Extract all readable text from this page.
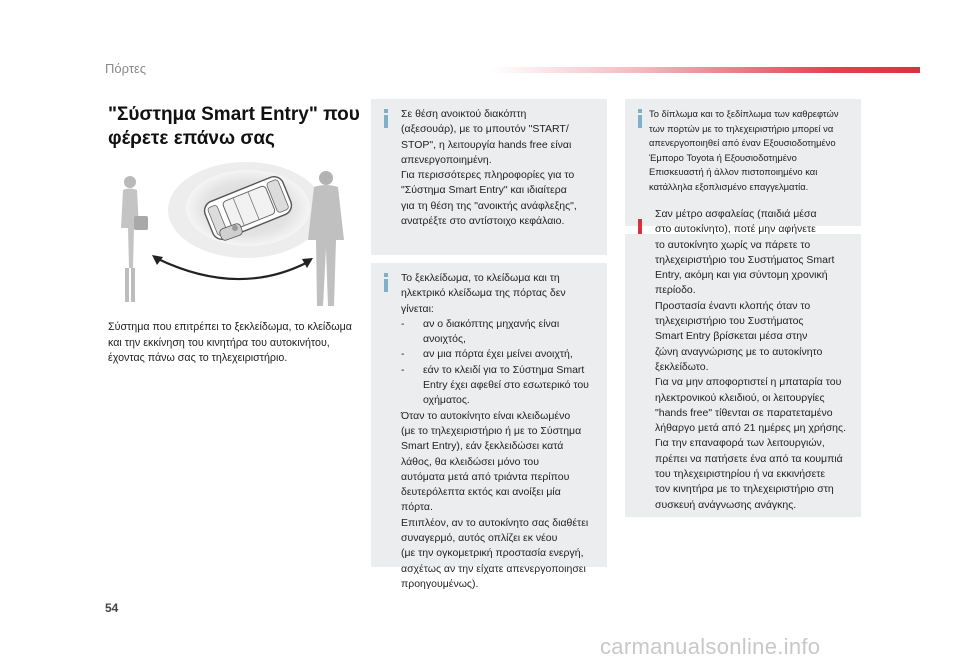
Πόρτες
"Σύστημα Smart Entry" που φέρετε επάνω σας
Σύστημα που επιτρέπει το ξεκλείδωμα, το κλείδωμα και την εκκίνηση του κινητήρα του αυτοκινήτου, έχοντας πάνω σας το τηλεχειριστήριο.
Σε θέση ανοικτού διακόπτη
(αξεσουάρ), με το μπουτόν "START/
STOP", η λειτουργία hands free είναι
απενεργοποιημένη.
Για περισσότερες πληροφορίες για το
"Σύστημα Smart Entry" και ιδιαίτερα
για τη θέση της "ανοικτής ανάφλεξης",
ανατρέξτε στο αντίστοιχο κεφάλαιο.
Το ξεκλείδωμα, το κλείδωμα και τη
ηλεκτρικό κλείδωμα της πόρτας δεν
γίνεται:
-	αν ο διακόπτης μηχανής είναι
ανοιχτός,
-	αν μια πόρτα έχει μείνει ανοιχτή,
-	εάν το κλειδί για το Σύστημα Smart
Entry έχει αφεθεί στο εσωτερικό του
οχήματος.
Όταν το αυτοκίνητο είναι κλειδωμένο
(με το τηλεχειριστήριο ή με το Σύστημα
Smart Entry), εάν ξεκλειδώσει κατά
λάθος, θα κλειδώσει μόνο του
αυτόματα μετά από τριάντα περίπου
δευτερόλεπτα εκτός και ανοίξει μία
πόρτα.
Επιπλέον, αν το αυτοκίνητο σας διαθέτει
συναγερμό, αυτός οπλίζει εκ νέου
(με την ογκομετρική προστασία ενεργή,
ασχέτως αν την είχατε απενεργοποιησει
προηγουμένως).
Το δίπλωμα και το ξεδίπλωμα των καθρεφτών
των πορτών με το τηλεχειριστήριο μπορεί να
απενεργοποιηθεί από έναν Εξουσιοδοτημένο
Έμπορο Toyota ή Εξουσιοδοτημένο
Επισκευαστή ή άλλον πιστοποιημένο και
κατάλληλα εξοπλισμένο επαγγελματία.
Σαν μέτρο ασφαλείας (παιδιά μέσα
στο αυτοκίνητο), ποτέ μην αφήνετε
το αυτοκίνητο χωρίς να πάρετε το
τηλεχειριστήριο του Συστήματος Smart
Entry, ακόμη και για σύντομη χρονική
περίοδο.
Προστασία έναντι κλοπής όταν το
τηλεχειριστήριο του Συστήματος
Smart Entry βρίσκεται μέσα στην
ζώνη αναγνώρισης με το αυτοκίνητο
ξεκλείδωτο.
Για να μην αποφορτιστεί η μπαταρία του
ηλεκτρονικού κλειδιού, οι λειτουργίες
"hands free" τίθενται σε παρατεταμένο
λήθαργο μετά από 21 ημέρες μη χρήσης.
Για την επαναφορά των λειτουργιών,
πρέπει να πατήσετε ένα από τα κουμπιά
του τηλεχειριστηρίου ή να εκκινήσετε
τον κινητήρα με το τηλεχειριστήριο στη
συσκευή ανάγνωσης ανάγκης.
54
carmanualsonline.info
